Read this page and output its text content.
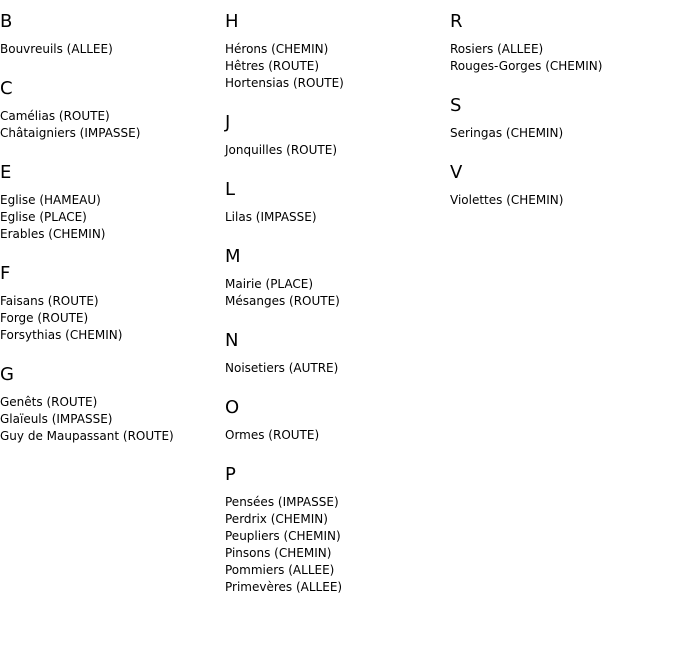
B
Bouvreuils (ALLEE)
C
Camélias (ROUTE)
Châtaigniers (IMPASSE)
E
Eglise (HAMEAU)
Eglise (PLACE)
Erables (CHEMIN)
F
Faisans (ROUTE)
Forge (ROUTE)
Forsythias (CHEMIN)
G
Genêts (ROUTE)
Glaïeuls (IMPASSE)
Guy de Maupassant (ROUTE)
H
Hérons (CHEMIN)
Hêtres (ROUTE)
Hortensias (ROUTE)
J
Jonquilles (ROUTE)
L
Lilas (IMPASSE)
M
Mairie (PLACE)
Mésanges (ROUTE)
N
Noisetiers (AUTRE)
O
Ormes (ROUTE)
P
Pensées (IMPASSE)
Perdrix (CHEMIN)
Peupliers (CHEMIN)
Pinsons (CHEMIN)
Pommiers (ALLEE)
Primevères (ALLEE)
R
Rosiers (ALLEE)
Rouges-Gorges (CHEMIN)
S
Seringas (CHEMIN)
V
Violettes (CHEMIN)
